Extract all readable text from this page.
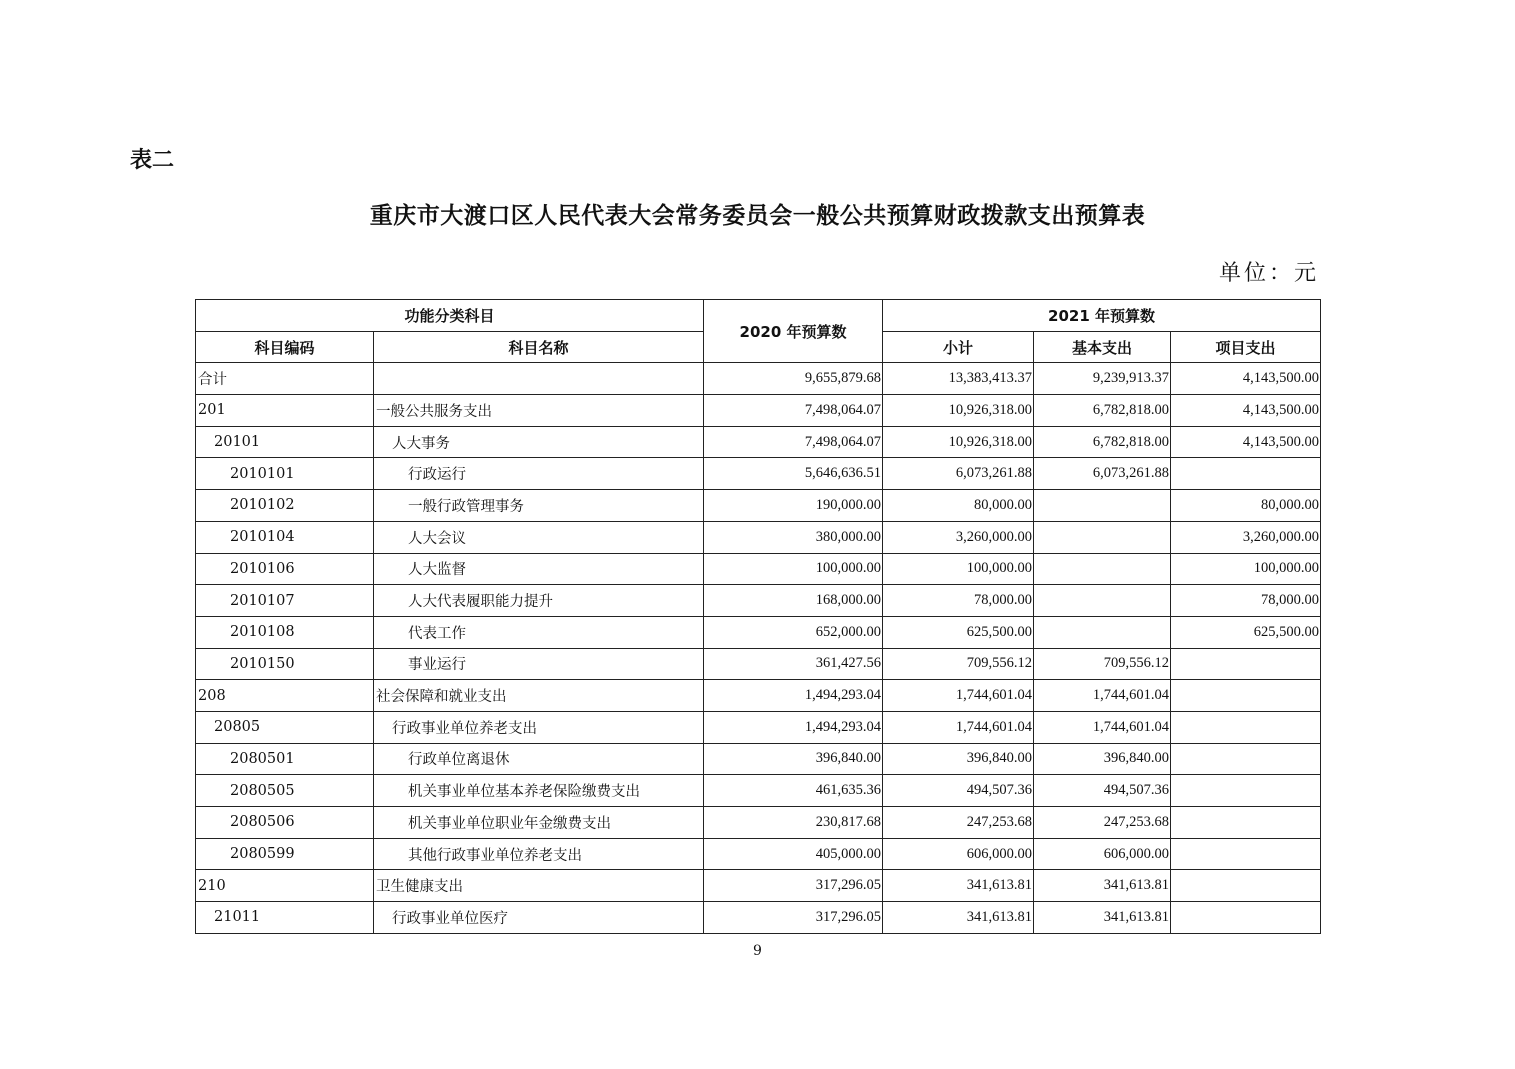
表二
重庆市大渡口区人民代表大会常务委员会一般公共预算财政拨款支出预算表
单位：元
功能分类科目		2020 年预算数	2021 年预算数		
科目编码	科目名称		小计	基本支出	项目支出
合计		9,655,879.68	13,383,413.37	9,239,913.37	4,143,500.00
201	一般公共服务支出	7,498,064.07	10,926,318.00	6,782,818.00	4,143,500.00
20101	人大事务	7,498,064.07	10,926,318.00	6,782,818.00	4,143,500.00
2010101	行政运行	5,646,636.51	6,073,261.88	6,073,261.88	
2010102	一般行政管理事务	190,000.00	80,000.00		80,000.00
2010104	人大会议	380,000.00	3,260,000.00		3,260,000.00
2010106	人大监督	100,000.00	100,000.00		100,000.00
2010107	人大代表履职能力提升	168,000.00	78,000.00		78,000.00
2010108	代表工作	652,000.00	625,500.00		625,500.00
2010150	事业运行	361,427.56	709,556.12	709,556.12	
208	社会保障和就业支出	1,494,293.04	1,744,601.04	1,744,601.04	
20805	行政事业单位养老支出	1,494,293.04	1,744,601.04	1,744,601.04	
2080501	行政单位离退休	396,840.00	396,840.00	396,840.00	
2080505	机关事业单位基本养老保险缴费支出	461,635.36	494,507.36	494,507.36	
2080506	机关事业单位职业年金缴费支出	230,817.68	247,253.68	247,253.68	
2080599	其他行政事业单位养老支出	405,000.00	606,000.00	606,000.00	
210	卫生健康支出	317,296.05	341,613.81	341,613.81	
21011	行政事业单位医疗	317,296.05	341,613.81	341,613.81	
9
